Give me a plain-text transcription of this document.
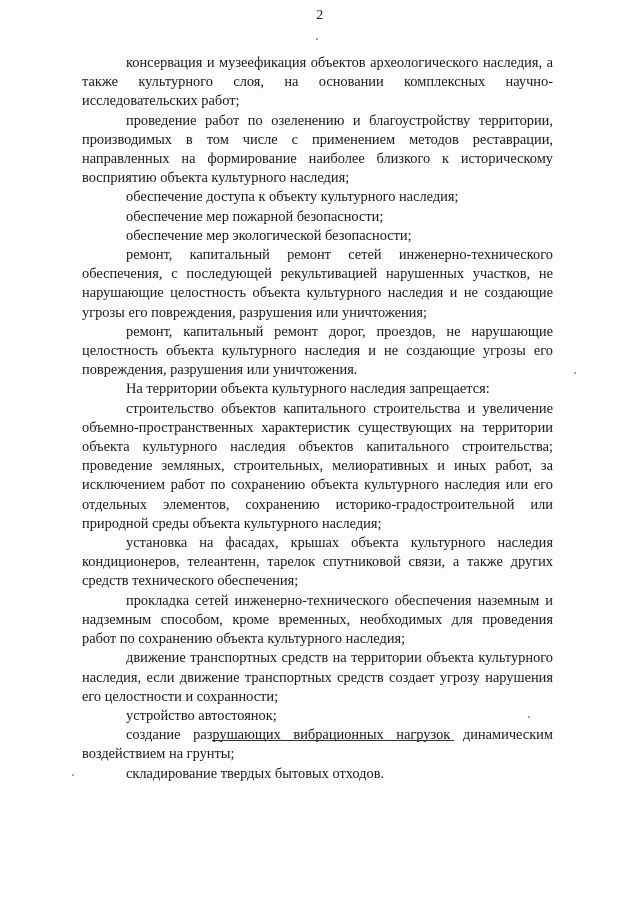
2

консервация и музеефикация объектов археологического наследия, а также культурного слоя, на основании комплексных научно-исследовательских работ;

проведение работ по озеленению и благоустройству территории, производимых в том числе с применением методов реставрации, направленных на формирование наиболее близкого к историческому восприятию объекта культурного наследия;

обеспечение доступа к объекту культурного наследия;

обеспечение мер пожарной безопасности;

обеспечение мер экологической безопасности;

ремонт, капитальный ремонт сетей инженерно-технического обеспечения, с последующей рекультивацией нарушенных участков, не нарушающие целостность объекта культурного наследия и не создающие угрозы его повреждения, разрушения или уничтожения;

ремонт, капитальный ремонт дорог, проездов, не нарушающие целостность объекта культурного наследия и не создающие угрозы его повреждения, разрушения или уничтожения.

На территории объекта культурного наследия запрещается:

строительство объектов капитального строительства и увеличение объемно-пространственных характеристик существующих на территории объекта культурного наследия объектов капитального строительства; проведение земляных, строительных, мелиоративных и иных работ, за исключением работ по сохранению объекта культурного наследия или его отдельных элементов, сохранению историко-градостроительной или природной среды объекта культурного наследия;

установка на фасадах, крышах объекта культурного наследия кондиционеров, телеантенн, тарелок спутниковой связи, а также других средств технического обеспечения;

прокладка сетей инженерно-технического обеспечения наземным и надземным способом, кроме временных, необходимых для проведения работ по сохранению объекта культурного наследия;

движение транспортных средств на территории объекта культурного наследия, если движение транспортных средств создает угрозу нарушения его целостности и сохранности;

устройство автостоянок;

создание разрушающих вибрационных нагрузок динамическим воздействием на грунты;

складирование твердых бытовых отходов.
